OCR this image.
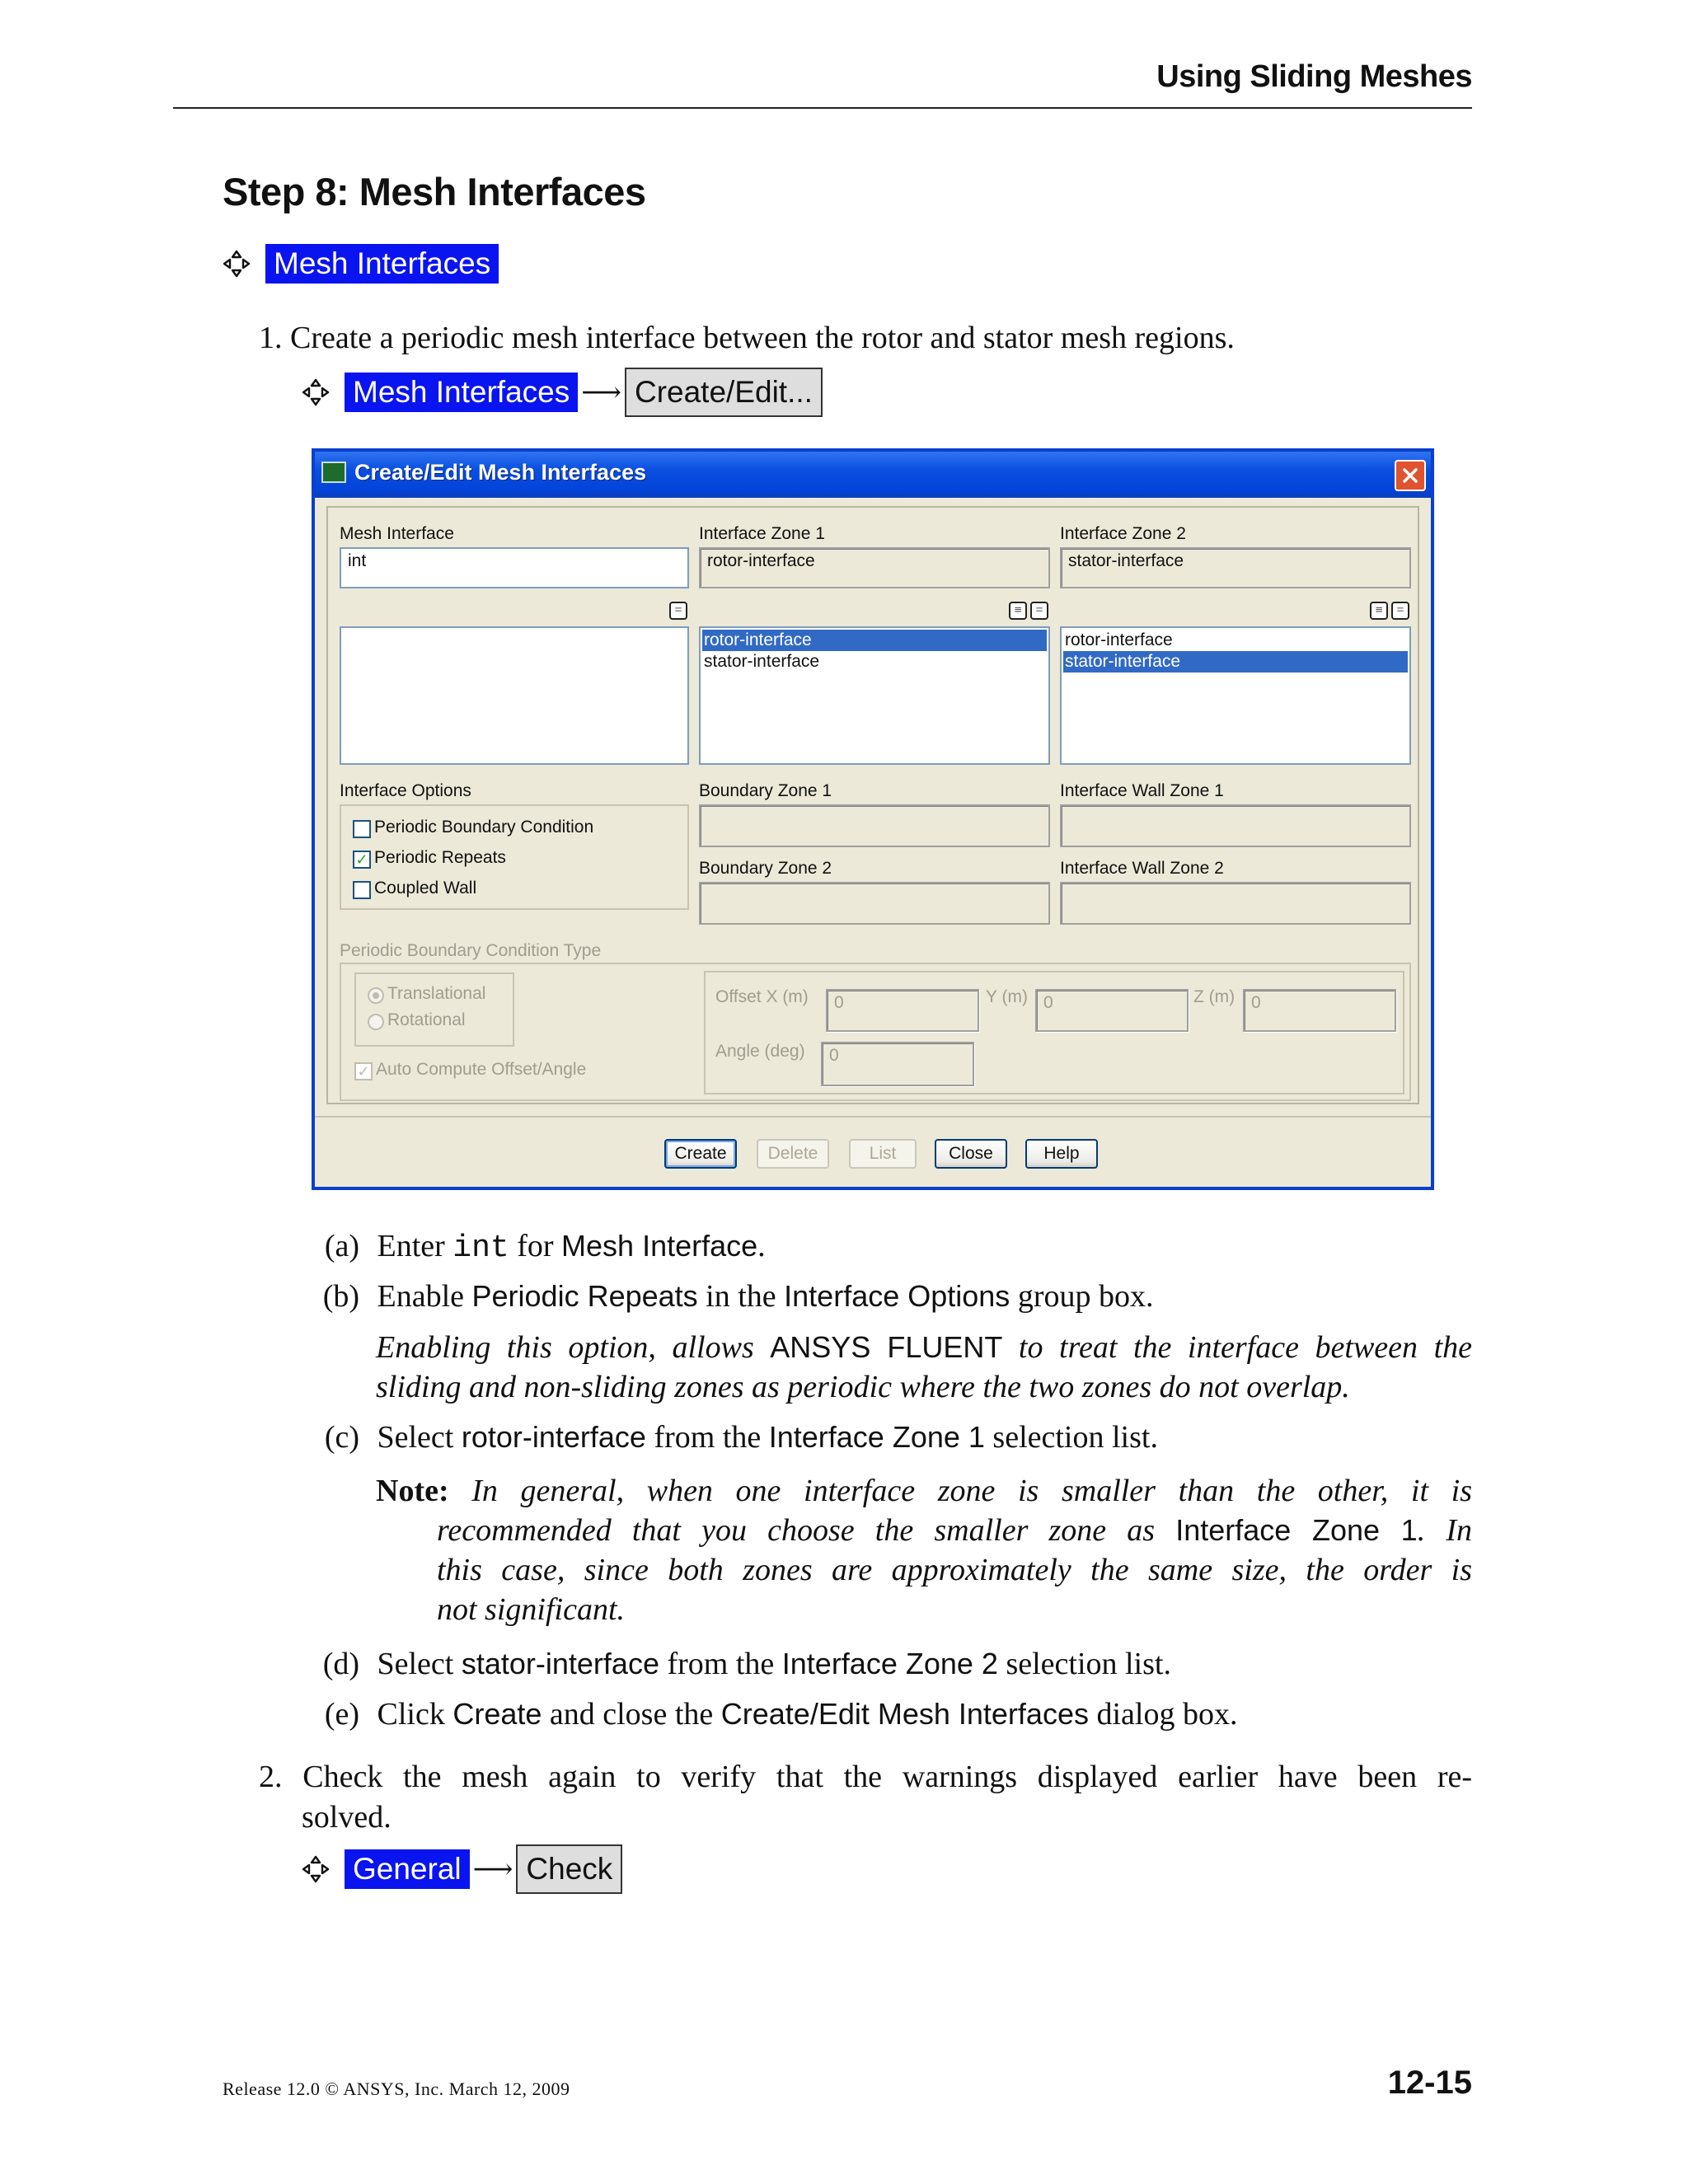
Using Sliding Meshes
Step 8: Mesh Interfaces
Mesh Interfaces
1. Create a periodic mesh interface between the rotor and stator mesh regions.
Mesh Interfaces ⟶ Create/Edit...
Create/Edit Mesh Interfaces
Mesh Interface
int
=
Interface Zone 1
rotor-interface
≡	=
rotor-interface
stator-interface
Interface Zone 2
stator-interface
≡	=
rotor-interface
stator-interface
Interface Options
Periodic Boundary Condition
✓ Periodic Repeats
Coupled Wall
Boundary Zone 1
Boundary Zone 2
Interface Wall Zone 1
Interface Wall Zone 2
Periodic Boundary Condition Type
Translational
Rotational
✓ Auto Compute Offset/Angle
Offset X (m)	0	Y (m) 0	Z (m) 0
Angle (deg)	0
Create	Delete	List	Close	Help
(a) Enter int for Mesh Interface.
(b) Enable Periodic Repeats in the Interface Options group box.
Enabling this option, allows ANSYS FLUENT to treat the interface between the
sliding and non-sliding zones as periodic where the two zones do not overlap.
(c) Select rotor-interface from the Interface Zone 1 selection list.
Note: In general, when one interface zone is smaller than the other, it is
recommended that you choose the smaller zone as Interface Zone 1. In
this case, since both zones are approximately the same size, the order is
not significant.
(d) Select stator-interface from the Interface Zone 2 selection list.
(e) Click Create and close the Create/Edit Mesh Interfaces dialog box.
2. Check the mesh again to verify that the warnings displayed earlier have been re-
solved.
General ⟶ Check
Release 12.0 © ANSYS, Inc. March 12, 2009	12-15
